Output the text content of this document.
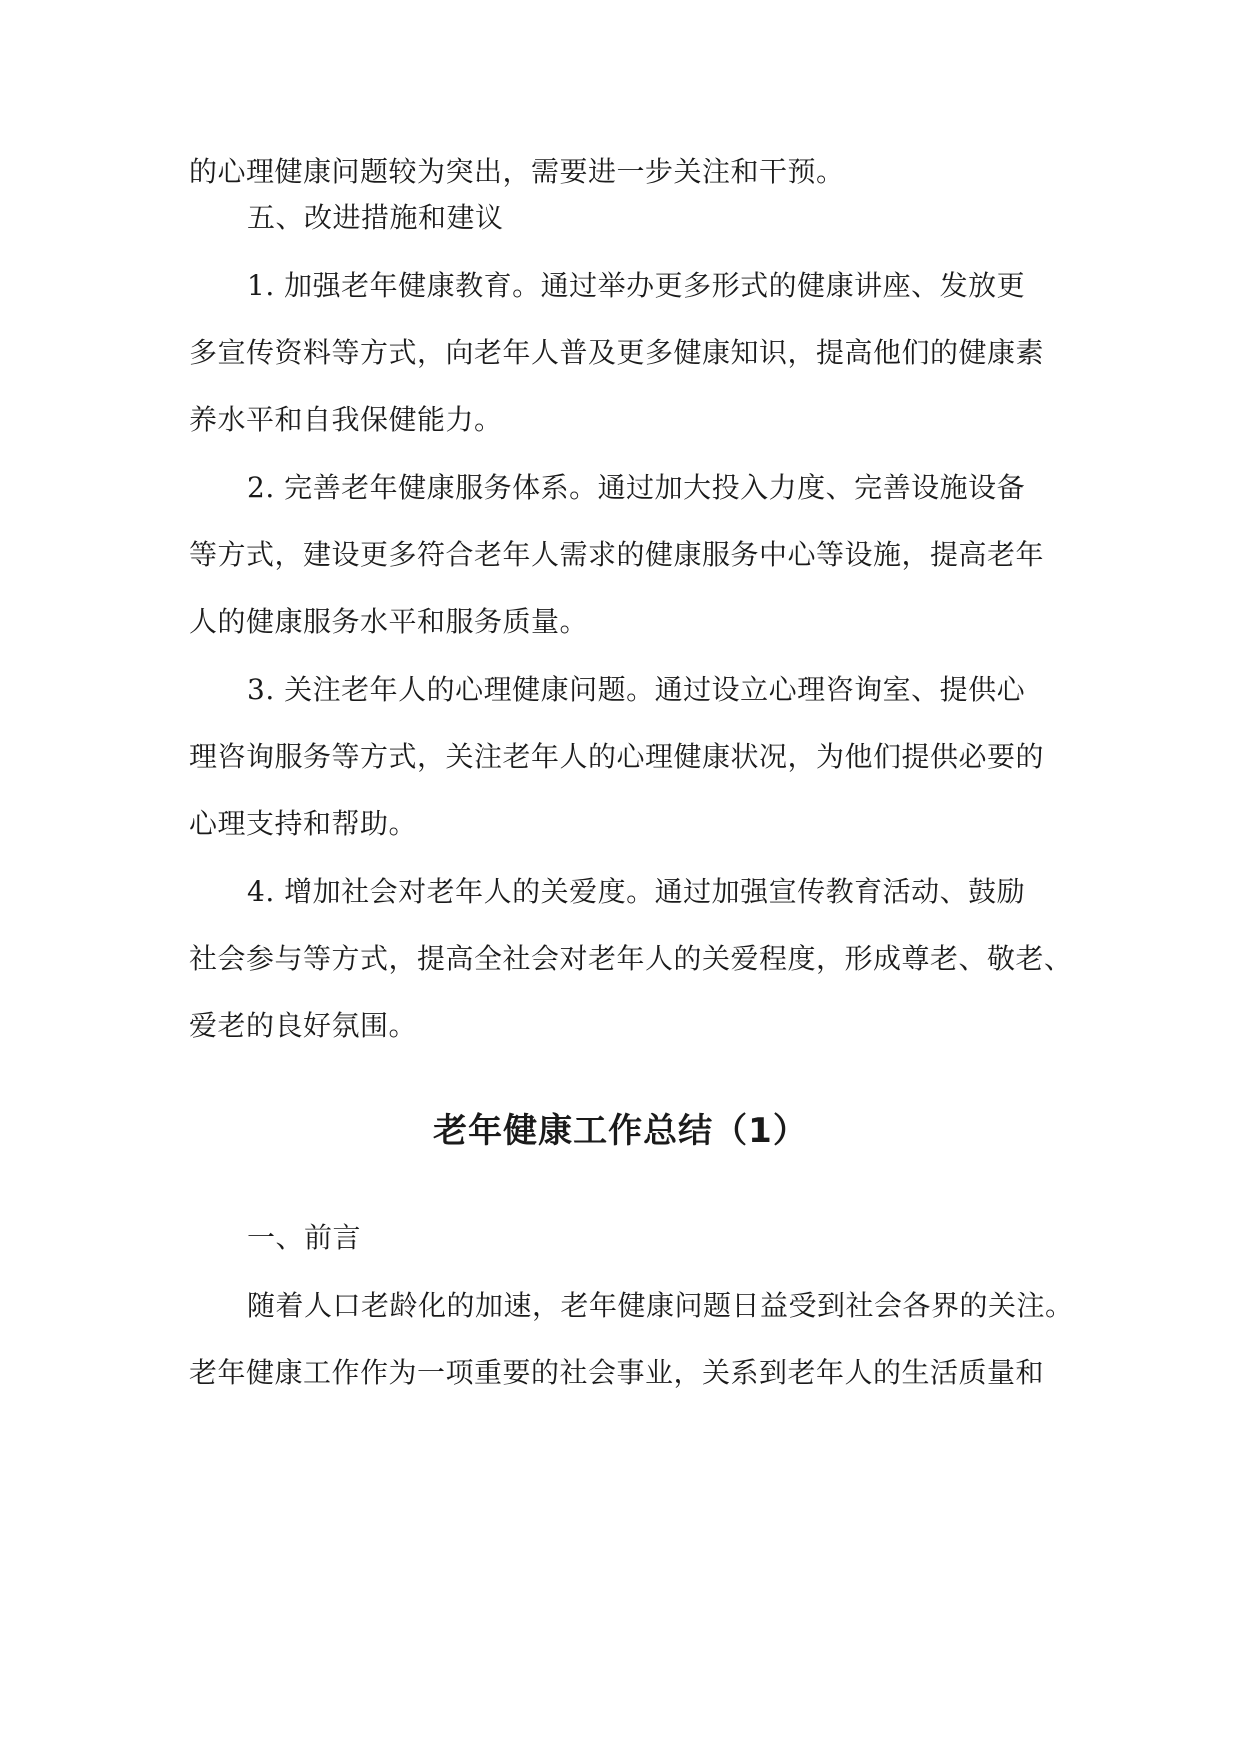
的心理健康问题较为突出，需要进一步关注和干预。
五、改进措施和建议
1. 加强老年健康教育。通过举办更多形式的健康讲座、发放更
多宣传资料等方式，向老年人普及更多健康知识，提高他们的健康素
养水平和自我保健能力。
2. 完善老年健康服务体系。通过加大投入力度、完善设施设备
等方式，建设更多符合老年人需求的健康服务中心等设施，提高老年
人的健康服务水平和服务质量。
3. 关注老年人的心理健康问题。通过设立心理咨询室、提供心
理咨询服务等方式，关注老年人的心理健康状况，为他们提供必要的
心理支持和帮助。
4. 增加社会对老年人的关爱度。通过加强宣传教育活动、鼓励
社会参与等方式，提高全社会对老年人的关爱程度，形成尊老、敬老、
爱老的良好氛围。
老年健康工作总结（1）
一、前言
随着人口老龄化的加速，老年健康问题日益受到社会各界的关注。
老年健康工作作为一项重要的社会事业，关系到老年人的生活质量和
